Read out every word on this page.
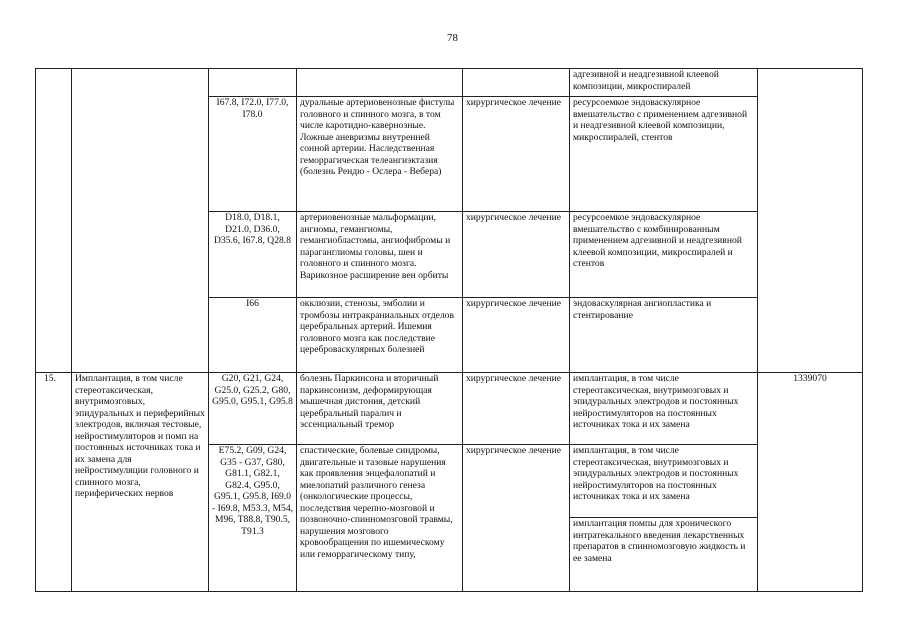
78
					адгезивной и неадгезивной клеевой композиции, микроспиралей	
		I67.8, I72.0, I77.0, I78.0	дуральные артериовенозные фистулы головного и спинного мозга, в том числе каротидно-кавернозные. Ложные аневризмы внутренней сонной артерии. Наследственная геморрагическая телеангиэктазия (болезнь Рендю - Ослера - Вебера)	хирургическое лечение	ресурсоемкое эндоваскулярное вмешательство с применением адгезивной и неадгезивной клеевой композиции, микроспиралей, стентов	
		D18.0, D18.1, D21.0, D36.0, D35.6, I67.8, Q28.8	артериовенозные мальформации, ангиомы, гемангиомы, гемангиобластомы, ангиофибромы и параганглиомы головы, шеи и головного и спинного мозга. Варикозное расширение вен орбиты	хирургическое лечение	ресурсоемкое эндоваскулярное вмешательство с комбинированным применением адгезивной и неадгезивной клеевой композиции, микроспиралей и стентов	
		I66	окклюзии, стенозы, эмболии и тромбозы интракраниальных отделов церебральных артерий. Ишемия головного мозга как последствие цереброваскулярных болезней	хирургическое лечение	эндоваскулярная ангиопластика и стентирование	
15.	Имплантация, в том числе стереотаксическая, внутримозговых, эпидуральных и периферийных электродов, включая тестовые, нейростимуляторов и помп на постоянных источниках тока и их замена для нейростимуляции головного и спинного мозга, периферических нервов	G20, G21, G24, G25.0, G25.2, G80, G95.0, G95.1, G95.8	болезнь Паркинсона и вторичный паркинсонизм, деформирующая мышечная дистония, детский церебральный паралич и эссенциальный тремор	хирургическое лечение	имплантация, в том числе стереотаксическая, внутримозговых и эпидуральных электродов и постоянных нейростимуляторов на постоянных источниках тока и их замена	1339070
		E75.2, G09, G24, G35 - G37, G80, G81.1, G82.1, G82.4, G95.0, G95.1, G95.8, I69.0 - I69.8, M53.3, M54, M96, T88.8, T90.5, T91.3	спастические, болевые синдромы, двигательные и тазовые нарушения как проявления энцефалопатий и миелопатий различного генеза (онкологические процессы, последствия черепно-мозговой и позвоночно-спинномозговой травмы, нарушения мозгового кровообращения по ишемическому или геморрагическому типу,	хирургическое лечение	имплантация, в том числе стереотаксическая, внутримозговых и эпидуральных электродов и постоянных нейростимуляторов на постоянных источниках тока и их замена	
					имплантация помпы для хронического интратекального введения лекарственных препаратов в спинномозговую жидкость и ее замена	
